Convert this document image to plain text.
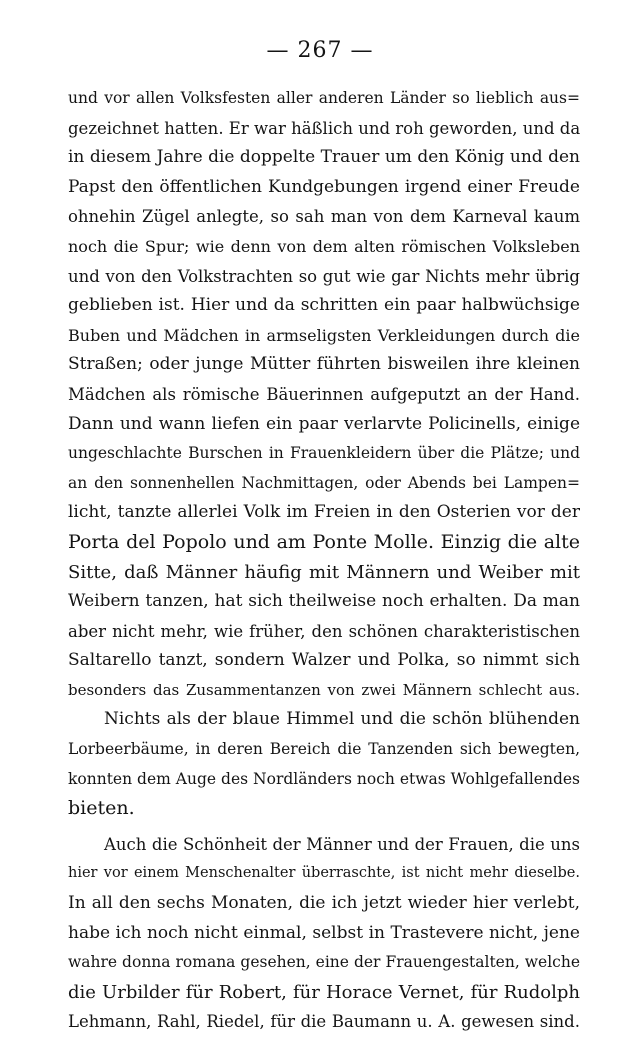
— 267 —
und vor allen Volksfesten aller anderen Länder so lieblich aus=
gezeichnet hatten. Er war häßlich und roh geworden, und da
in diesem Jahre die doppelte Trauer um den König und den
Papst den öffentlichen Kundgebungen irgend einer Freude
ohnehin Zügel anlegte, so sah man von dem Karneval kaum
noch die Spur; wie denn von dem alten römischen Volksleben
und von den Volkstrachten so gut wie gar Nichts mehr übrig
geblieben ist. Hier und da schritten ein paar halbwüchsige
Buben und Mädchen in armseligsten Verkleidungen durch die
Straßen; oder junge Mütter führten bisweilen ihre kleinen
Mädchen als römische Bäuerinnen aufgeputzt an der Hand.
Dann und wann liefen ein paar verlarvte Policinells, einige
ungeschlachte Burschen in Frauenkleidern über die Plätze; und
an den sonnenhellen Nachmittagen, oder Abends bei Lampen=
licht, tanzte allerlei Volk im Freien in den Osterien vor der
Porta del Popolo und am Ponte Molle. Einzig die alte
Sitte, daß Männer häufig mit Männern und Weiber mit
Weibern tanzen, hat sich theilweise noch erhalten. Da man
aber nicht mehr, wie früher, den schönen charakteristischen
Saltarello tanzt, sondern Walzer und Polka, so nimmt sich
besonders das Zusammentanzen von zwei Männern schlecht aus.
Nichts als der blaue Himmel und die schön blühenden
Lorbeerbäume, in deren Bereich die Tanzenden sich bewegten,
konnten dem Auge des Nordländers noch etwas Wohlgefallendes
bieten.
Auch die Schönheit der Männer und der Frauen, die uns
hier vor einem Menschenalter überraschte, ist nicht mehr dieselbe.
In all den sechs Monaten, die ich jetzt wieder hier verlebt,
habe ich noch nicht einmal, selbst in Trastevere nicht, jene
wahre donna romana gesehen, eine der Frauengestalten, welche
die Urbilder für Robert, für Horace Vernet, für Rudolph
Lehmann, Rahl, Riedel, für die Baumann u. A. gewesen sind.
